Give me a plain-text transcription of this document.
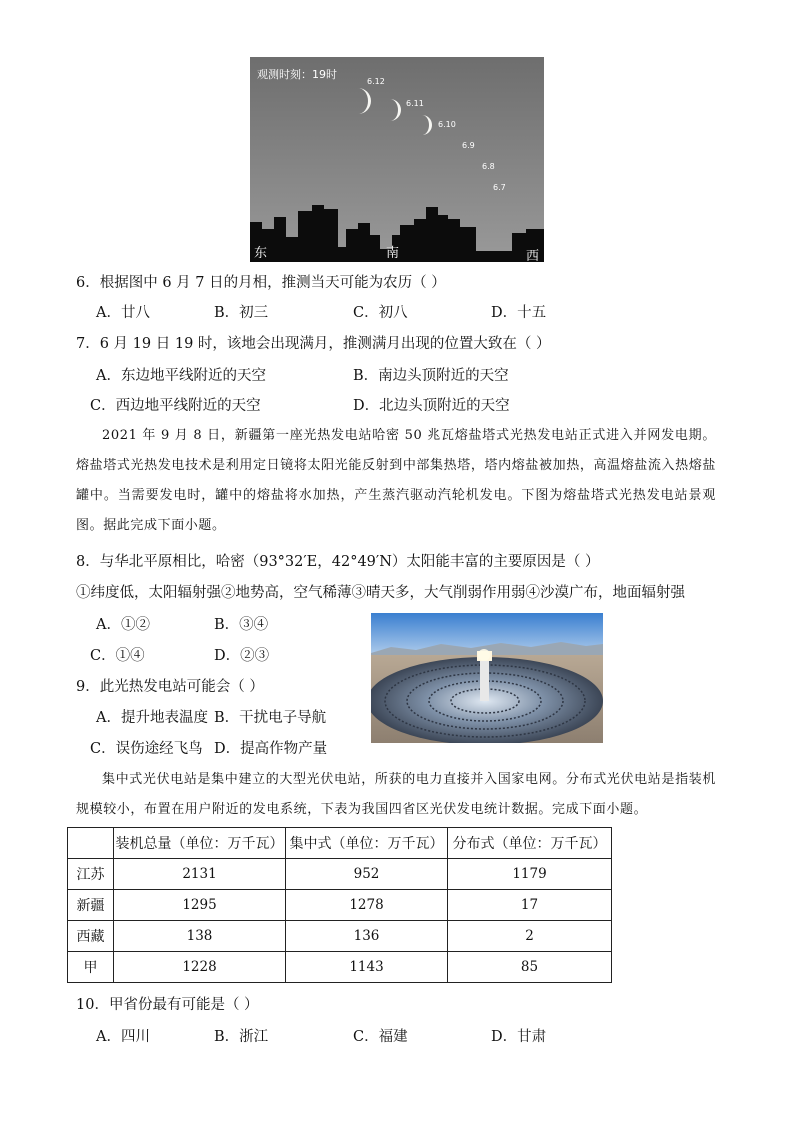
6.12
6.11
6.10
6.9
6.8
6.7
观测时刻：19时
东	南	西
6．根据图中 6 月 7 日的月相，推测当天可能为农历（ ）
A．廿八	B．初三	C．初八	D．十五
7．6 月 19 日 19 时，该地会出现满月，推测满月出现的位置大致在（ ）
A．东边地平线附近的天空	B．南边头顶附近的天空
C．西边地平线附近的天空	D．北边头顶附近的天空
2021 年 9 月 8 日，新疆第一座光热发电站哈密 50 兆瓦熔盐塔式光热发电站正式进入并网发电期。熔盐塔式光热发电技术是利用定日镜将太阳光能反射到中部集热塔，塔内熔盐被加热，高温熔盐流入热熔盐罐中。当需要发电时，罐中的熔盐将水加热，产生蒸汽驱动汽轮机发电。下图为熔盐塔式光热发电站景观图。据此完成下面小题。
8．与华北平原相比，哈密（93°32′E，42°49′N）太阳能丰富的主要原因是（ ）
①纬度低，太阳辐射强②地势高，空气稀薄③晴天多，大气削弱作用弱④沙漠广布，地面辐射强
A．①②	B．③④
C．①④	D．②③
9．此光热发电站可能会（ ）
A．提升地表温度 B．干扰电子导航
C．误伤途经飞鸟 D．提高作物产量
集中式光伏电站是集中建立的大型光伏电站，所获的电力直接并入国家电网。分布式光伏电站是指装机规模较小，布置在用户附近的发电系统，下表为我国四省区光伏发电统计数据。完成下面小题。
	装机总量（单位：万千瓦）	集中式（单位：万千瓦）	分布式（单位：万千瓦）
江苏	2131	952	1179
新疆	1295	1278	17
西藏	138	136	2
甲	1228	1143	85
10．甲省份最有可能是（ ）
A．四川	B．浙江	C．福建	D．甘肃
